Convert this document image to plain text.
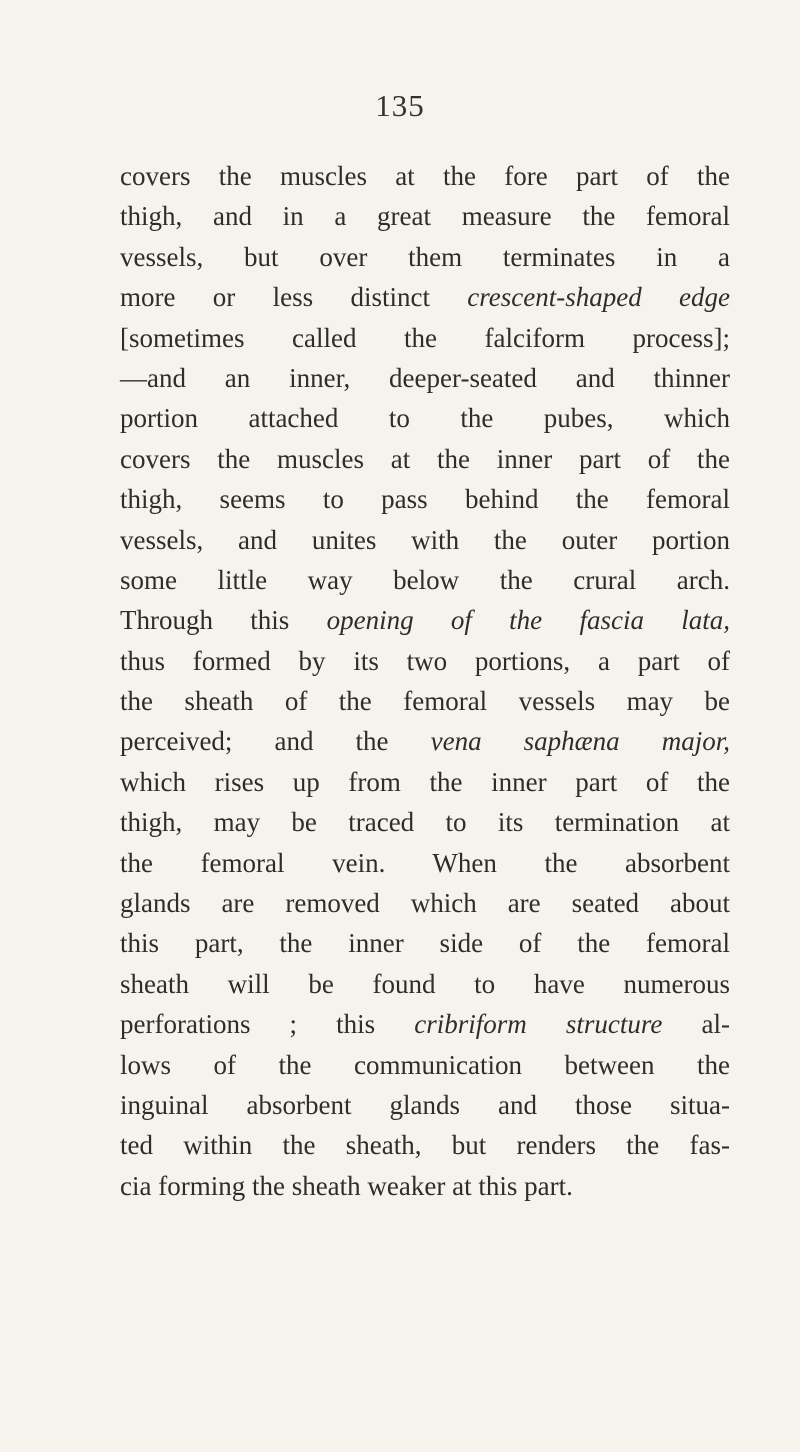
135
covers the muscles at the fore part of the
thigh, and in a great measure the femoral
vessels, but over them terminates in a
more or less distinct crescent-shaped edge
[sometimes called the falciform process];
—and an inner, deeper-seated and thinner
portion attached to the pubes, which
covers the muscles at the inner part of the
thigh, seems to pass behind the femoral
vessels, and unites with the outer portion
some little way below the crural arch.
Through this opening of the fascia lata,
thus formed by its two portions, a part of
the sheath of the femoral vessels may be
perceived; and the vena saphæna major,
which rises up from the inner part of the
thigh, may be traced to its termination at
the femoral vein. When the absorbent
glands are removed which are seated about
this part, the inner side of the femoral
sheath will be found to have numerous
perforations ; this cribriform structure al-
lows of the communication between the
inguinal absorbent glands and those situa-
ted within the sheath, but renders the fas-
cia forming the sheath weaker at this part.
